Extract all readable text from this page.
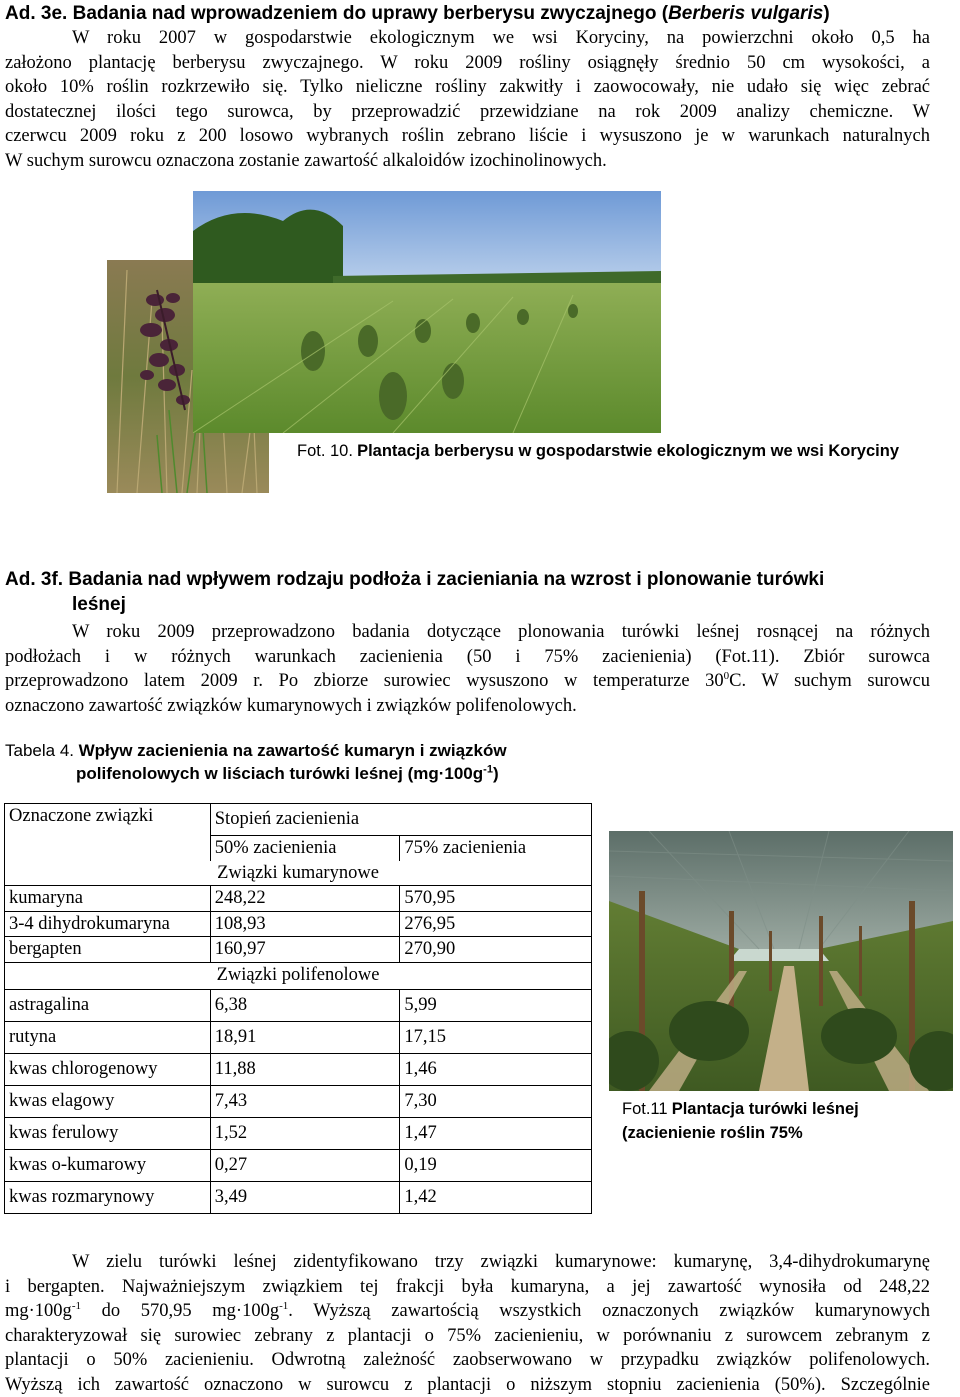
Ad. 3e. Badania nad wprowadzeniem do uprawy berberysu zwyczajnego (Berberis vulgaris)
W roku 2007 w gospodarstwie ekologicznym we wsi Koryciny, na powierzchni około 0,5 ha
założono plantację berberysu zwyczajnego. W roku 2009 rośliny osiągnęły średnio 50 cm wysokości, a
około 10% roślin rozkrzewiło się. Tylko nieliczne rośliny zakwitły i zaowocowały, nie udało się więc zebrać
dostatecznej ilości tego surowca, by przeprowadzić przewidziane na rok 2009 analizy chemiczne. W
czerwcu 2009 roku z 200 losowo wybranych roślin zebrano liście i wysuszono je w warunkach naturalnych
W suchym surowcu oznaczona zostanie zawartość alkaloidów izochinolinowych.
Fot. 10. Plantacja berberysu w gospodarstwie ekologicznym we wsi Koryciny
Ad. 3f. Badania nad wpływem rodzaju podłoża i zacieniania na wzrost i plonowanie turówki
leśnej
W roku 2009 przeprowadzono badania dotyczące plonowania turówki leśnej rosnącej na różnych
podłożach i w różnych warunkach zacienienia (50 i 75% zacienienia) (Fot.11). Zbiór surowca
przeprowadzono latem 2009 r. Po zbiorze surowiec wysuszono w temperaturze $30^0C$. W suchym surowcu
oznaczono zawartość związków kumarynowych i związków polifenolowych.
Tabela 4. Wpływ zacienienia na zawartość kumaryn i związków
polifenolowych w liściach turówki leśnej $(mg\cdot 100g^{-1})$
Oznaczone związki	Stopień zacienienia	
	50% zacienienia	75% zacienienia
Związki kumarynowe		
kumaryna	248,22	570,95
3-4 dihydrokumaryna	108,93	276,95
bergapten	160,97	270,90
Związki polifenolowe		
astragalina	6,38	5,99
rutyna	18,91	17,15
kwas chlorogenowy	11,88	1,46
kwas elagowy	7,43	7,30
kwas ferulowy	1,52	1,47
kwas o-kumarowy	0,27	0,19
kwas rozmarynowy	3,49	1,42
Fot.11 Plantacja turówki leśnej
(zacienienie roślin 75%
W zielu turówki leśnej zidentyfikowano trzy związki kumarynowe: kumarynę, 3,4-dihydrokumarynę
i bergapten. Najważniejszym związkiem tej frakcji była kumaryna, a jej zawartość wynosiła od 248,22
$mg\cdot 100g^{-1}$ do 570,95 $mg\cdot 100g^{-1}$. Wyższą zawartością wszystkich oznaczonych związków kumarynowych
charakteryzował się surowiec zebrany z plantacji o 75% zacienieniu, w porównaniu z surowcem zebranym z
plantacji o 50% zacienieniu. Odwrotną zależność zaobserwowano w przypadku związków polifenolowych.
Wyższą ich zawartość oznaczono w surowcu z plantacji o niższym stopniu zacienienia (50%). Szczególnie
